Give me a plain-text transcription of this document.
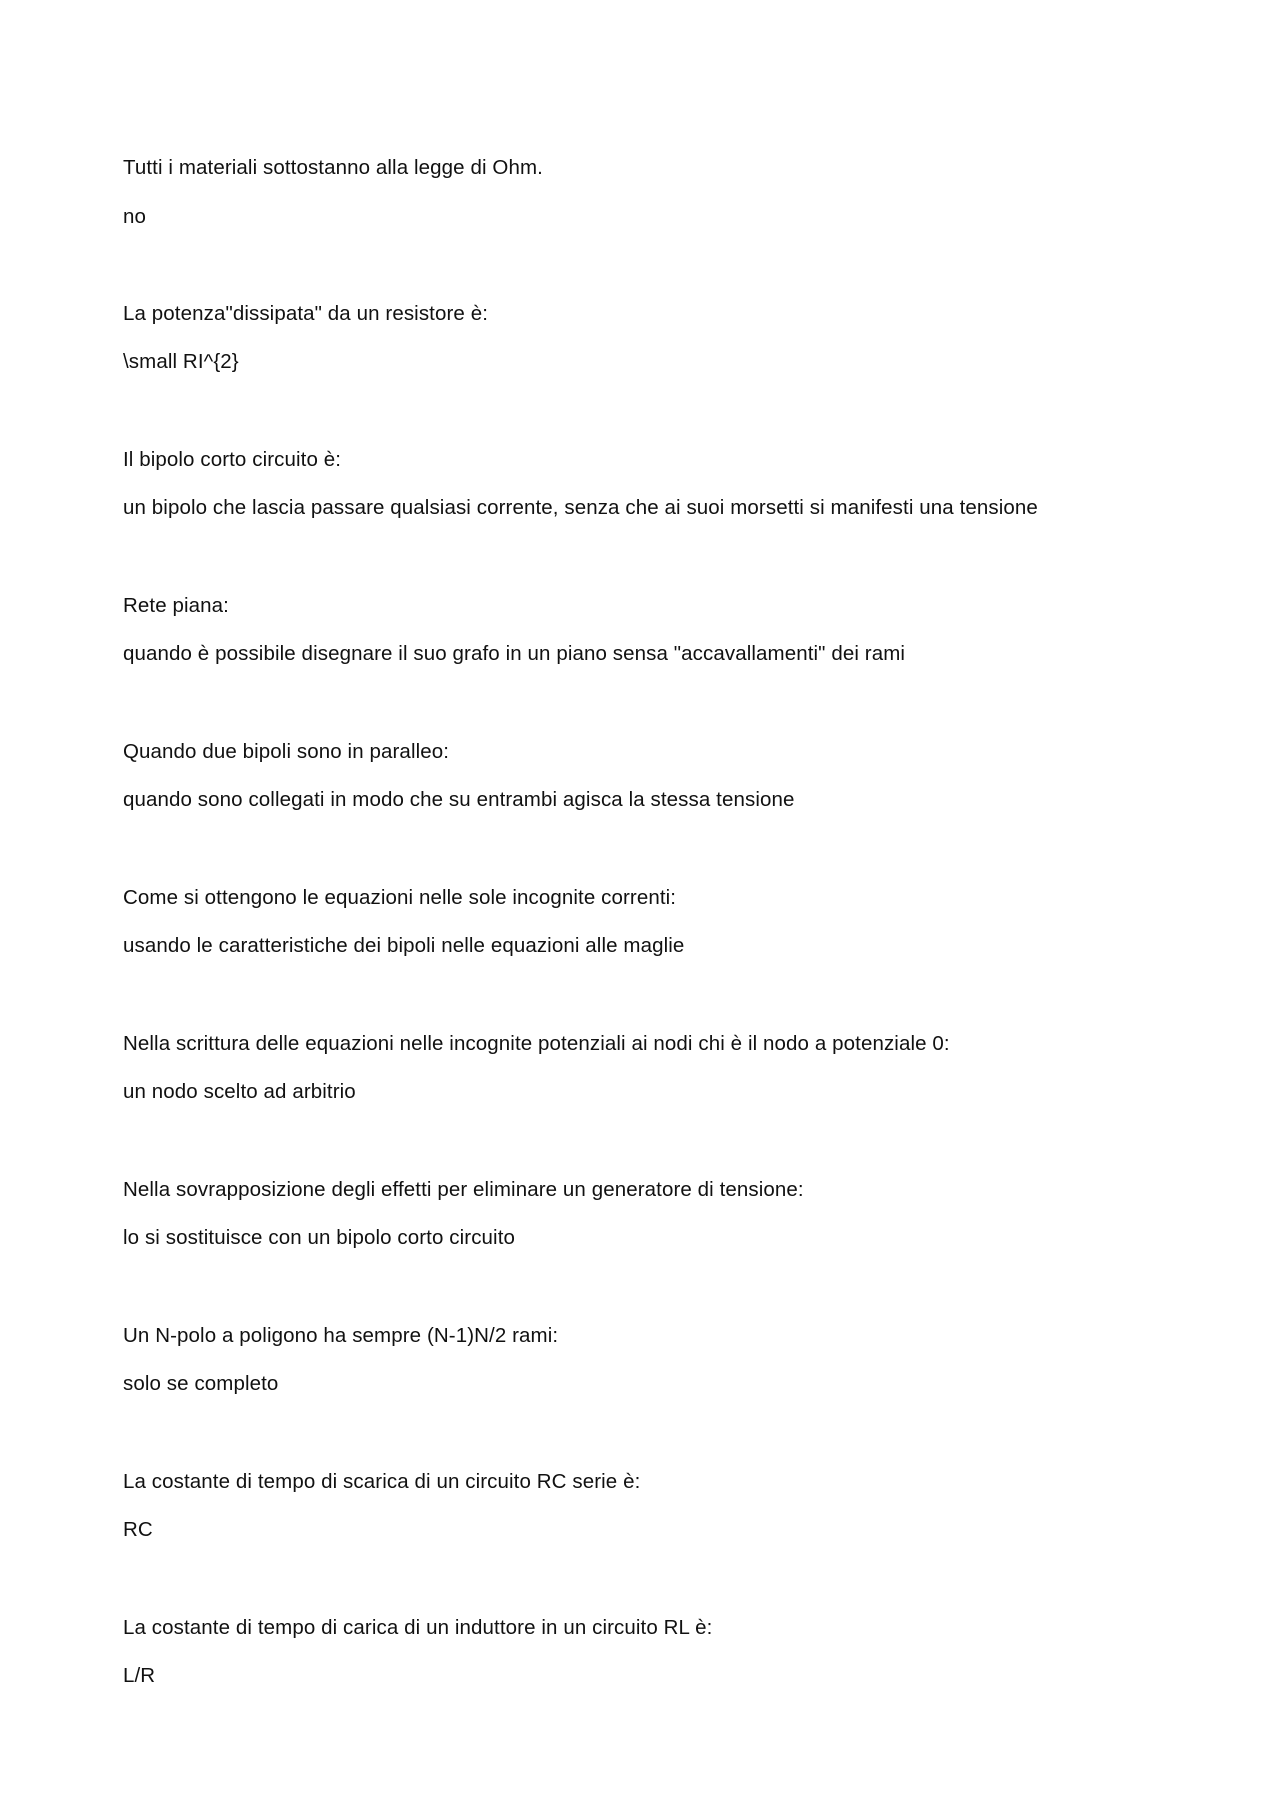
Tutti i materiali sottostanno alla legge di Ohm.
no
La potenza"dissipata" da un resistore è:
\small RI^{2}
Il bipolo corto circuito è:
un bipolo che lascia passare qualsiasi corrente, senza che ai suoi morsetti si manifesti una tensione
Rete piana:
quando è possibile disegnare il suo grafo in un piano sensa "accavallamenti" dei rami
Quando due bipoli sono in paralleo:
quando sono collegati in modo che su entrambi agisca la stessa tensione
Come si ottengono le equazioni nelle sole incognite correnti:
usando le caratteristiche dei bipoli nelle equazioni alle maglie
Nella scrittura delle equazioni nelle incognite potenziali ai nodi chi è il nodo a potenziale 0:
un nodo scelto ad arbitrio
Nella sovrapposizione degli effetti per eliminare un generatore di tensione:
lo si sostituisce con un bipolo corto circuito
Un N-polo a poligono ha sempre (N-1)N/2 rami:
solo se completo
La costante di tempo di scarica di un circuito RC serie è:
RC
La costante di tempo di carica di un induttore in un circuito RL è:
L/R
